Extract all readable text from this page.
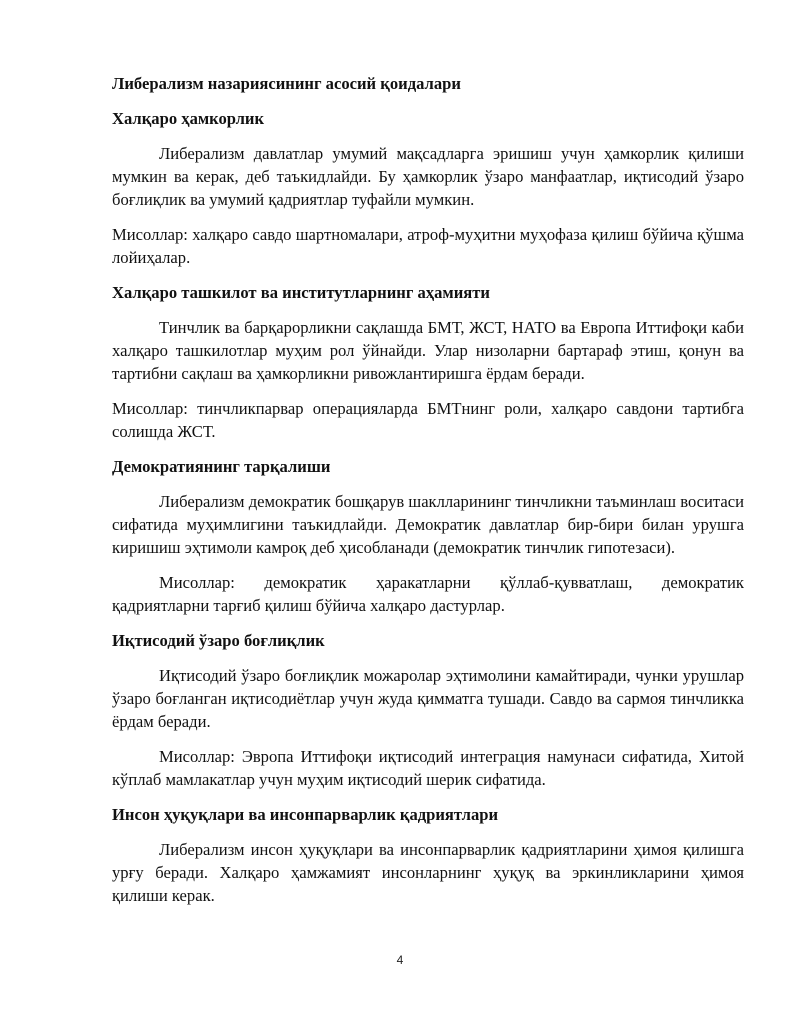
Либерализм назариясининг асосий қоидалари
Халқаро ҳамкорлик

Либерализм давлатлар умумий мақсадларга эришиш учун ҳамкорлик қилиши мумкин ва керак, деб таъкидлайди. Бу ҳамкорлик ўзаро манфаатлар, иқтисодий ўзаро боғлиқлик ва умумий қадриятлар туфайли мумкин.

Мисоллар: халқаро савдо шартномалари, атроф-муҳитни муҳофаза қилиш бўйича қўшма лойиҳалар.

Халқаро ташкилот ва институтларнинг аҳамияти

Тинчлик ва барқарорликни сақлашда БМТ, ЖСТ, НАТО ва Европа Иттифоқи каби халқаро ташкилотлар муҳим рол ўйнайди. Улар низоларни бартараф этиш, қонун ва тартибни сақлаш ва ҳамкорликни ривожлантиришга ёрдам беради.

Мисоллар: тинчликпарвар операцияларда БМТнинг роли, халқаро савдони тартибга солишда ЖСТ.

Демократиянинг тарқалиши

Либерализм демократик бошқарув шаклларининг тинчликни таъминлаш воситаси сифатида муҳимлигини таъкидлайди. Демократик давлатлар бир-бири билан урушга киришиш эҳтимоли камроқ деб ҳисобланади (демократик тинчлик гипотезаси).

Мисоллар: демократик ҳаракатларни қўллаб-қувватлаш, демократик қадриятларни тарғиб қилиш бўйича халқаро дастурлар.

Иқтисодий ўзаро боғлиқлик

Иқтисодий ўзаро боғлиқлик можаролар эҳтимолини камайтиради, чунки урушлар ўзаро боғланган иқтисодиётлар учун жуда қимматга тушади. Савдо ва сармоя тинчликка ёрдам беради.

Мисоллар: Эвропа Иттифоқи иқтисодий интеграция намунаси сифатида, Хитой кўплаб мамлакатлар учун муҳим иқтисодий шерик сифатида.

Инсон ҳуқуқлари ва инсонпарварлик қадриятлари

Либерализм инсон ҳуқуқлари ва инсонпарварлик қадриятларини ҳимоя қилишга урғу беради. Халқаро ҳамжамият инсонларнинг ҳуқуқ ва эркинликларини ҳимоя қилиши керак.

4
